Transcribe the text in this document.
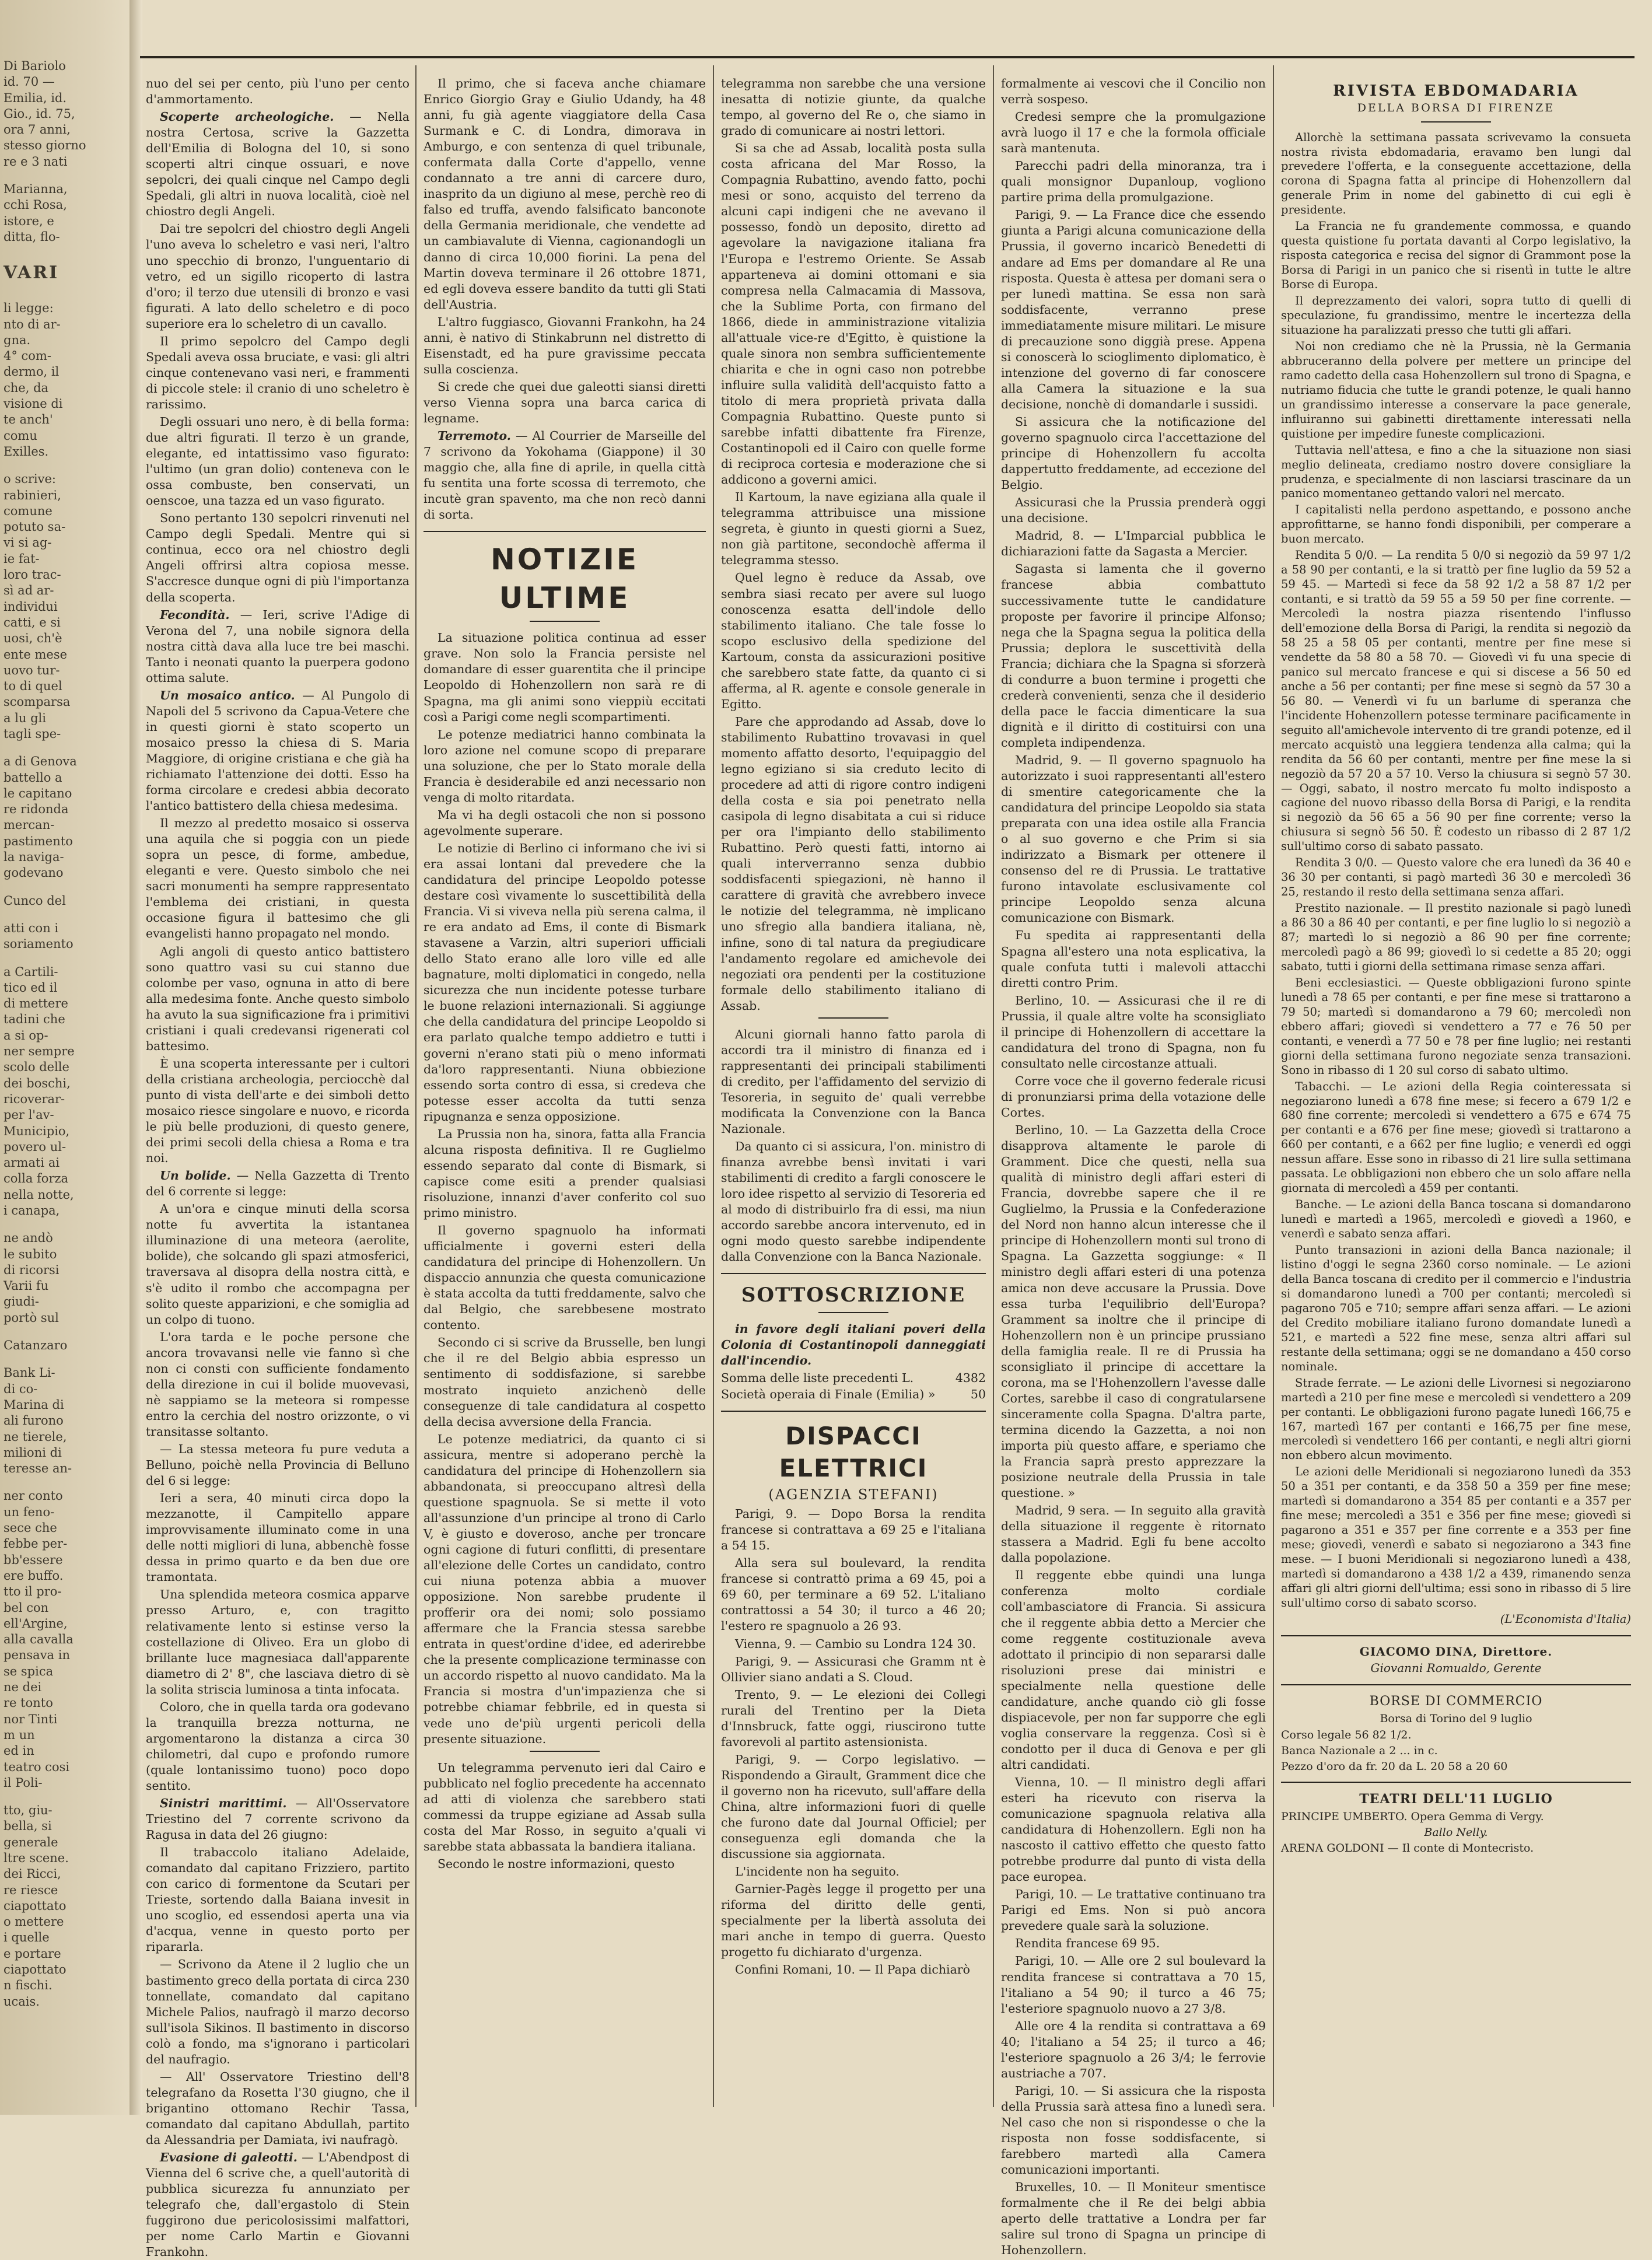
Di Bariolo

id. 70 —

Emilia, id.

Gio., id. 75,

ora 7 anni,

stesso giorno

re e 3 nati

Marianna,

cchi Rosa,

istore, e

ditta, flo-

VARI

li legge:

nto di ar-

gna.

4° com-

dermo, il

che, da

visione di

te anch'

comu

Exilles.

o scrive:

rabinieri,

comune

potuto sa-

vi si ag-

ie fat-

loro trac-

sì ad ar-

individui

catti, e si

uosi, ch'è

ente mese

uovo tur-

to di quel

scomparsa

a lu gli

tagli spe-

a di Genova

battello a

le capitano

re ridonda

mercan-

pastimento

la naviga-

godevano

Cunco del

atti con i

soriamento

a Cartili-

tico ed il

di mettere

tadini che

a si op-

ner sempre

scolo delle

dei boschi,

ricoverar-

per l'av-

Municipio,

povero ul-

armati ai

colla forza

nella notte,

i canapa,

ne andò

le subito

di ricorsi

Varii fu

giudi-

portò sul

Catanzaro

Bank Li-

di co-

Marina di

ali furono

ne tierele,

milioni di

teresse an-

ner conto

un feno-

sece che

febbe per-

bb'essere

ere buffo.

tto il pro-

bel con

ell'Argine,

alla cavalla

pensava in

se spica

ne dei

re tonto

nor Tinti

m un

ed in

teatro cosi

il Poli-

tto, giu-

bella, si

generale

ltre scene.

dei Ricci,

re riesce

ciapottato

o mettere

i quelle

e portare

ciapottato

n fischi.

ucais.

nuo del sei per cento, più l'uno per cento d'ammortamento.

Scoperte archeologiche. — Nella nostra Certosa, scrive la Gazzetta dell'Emilia di Bologna del 10, si sono scoperti altri cinque ossuari, e nove sepolcri, dei quali cinque nel Campo degli Spedali, gli altri in nuova località, cioè nel chiostro degli Angeli.

Dai tre sepolcri del chiostro degli Angeli l'uno aveva lo scheletro e vasi neri, l'altro uno specchio di bronzo, l'unguentario di vetro, ed un sigillo ricoperto di lastra d'oro; il terzo due utensili di bronzo e vasi figurati. A lato dello scheletro e di poco superiore era lo scheletro di un cavallo.

Il primo sepolcro del Campo degli Spedali aveva ossa bruciate, e vasi: gli altri cinque contenevano vasi neri, e frammenti di piccole stele: il cranio di uno scheletro è rarissimo.

Degli ossuari uno nero, è di bella forma: due altri figurati. Il terzo è un grande, elegante, ed intattissimo vaso figurato: l'ultimo (un gran dolio) conteneva con le ossa combuste, ben conservati, un oenscoe, una tazza ed un vaso figurato.

Sono pertanto 130 sepolcri rinvenuti nel Campo degli Spedali. Mentre qui si continua, ecco ora nel chiostro degli Angeli offrirsi altra copiosa messe. S'accresce dunque ogni di più l'importanza della scoperta.

Fecondità. — Ieri, scrive l'Adige di Verona del 7, una nobile signora della nostra città dava alla luce tre bei maschi. Tanto i neonati quanto la puerpera godono ottima salute.

Un mosaico antico. — Al Pungolo di Napoli del 5 scrivono da Capua-Vetere che in questi giorni è stato scoperto un mosaico presso la chiesa di S. Maria Maggiore, di origine cristiana e che già ha richiamato l'attenzione dei dotti. Esso ha forma circolare e credesi abbia decorato l'antico battistero della chiesa medesima.

Il mezzo al predetto mosaico si osserva una aquila che si poggia con un piede sopra un pesce, di forme, ambedue, eleganti e vere. Questo simbolo che nei sacri monumenti ha sempre rappresentato l'emblema dei cristiani, in questa occasione figura il battesimo che gli evangelisti hanno propagato nel mondo.

Agli angoli di questo antico battistero sono quattro vasi su cui stanno due colombe per vaso, ognuna in atto di bere alla medesima fonte. Anche questo simbolo ha avuto la sua significazione fra i primitivi cristiani i quali credevansi rigenerati col battesimo.

È una scoperta interessante per i cultori della cristiana archeologia, perciocchè dal punto di vista dell'arte e dei simboli detto mosaico riesce singolare e nuovo, e ricorda le più belle produzioni, di questo genere, dei primi secoli della chiesa a Roma e tra noi.

Un bolide. — Nella Gazzetta di Trento del 6 corrente si legge:

A un'ora e cinque minuti della scorsa notte fu avvertita la istantanea illuminazione di una meteora (aerolite, bolide), che solcando gli spazi atmosferici, traversava al disopra della nostra città, e s'è udito il rombo che accompagna per solito queste apparizioni, e che somiglia ad un colpo di tuono.

L'ora tarda e le poche persone che ancora trovavansi nelle vie fanno sì che non ci consti con sufficiente fondamento della direzione in cui il bolide muovevasi, nè sappiamo se la meteora si rompesse entro la cerchia del nostro orizzonte, o vi transitasse soltanto.

— La stessa meteora fu pure veduta a Belluno, poichè nella Provincia di Belluno del 6 si legge:

Ieri a sera, 40 minuti circa dopo la mezzanotte, il Campitello appare improvvisamente illuminato come in una delle notti migliori di luna, abbenchè fosse dessa in primo quarto e da ben due ore tramontata.

Una splendida meteora cosmica apparve presso Arturo, e, con tragitto relativamente lento si estinse verso la costellazione di Oliveo. Era un globo di brillante luce magnesiaca dall'apparente diametro di 2' 8", che lasciava dietro di sè la solita striscia luminosa a tinta infocata.

Coloro, che in quella tarda ora godevano la tranquilla brezza notturna, ne argomentarono la distanza a circa 30 chilometri, dal cupo e profondo rumore (quale lontanissimo tuono) poco dopo sentito.

Sinistri marittimi. — All'Osservatore Triestino del 7 corrente scrivono da Ragusa in data del 26 giugno:

Il trabaccolo italiano Adelaide, comandato dal capitano Frizziero, partito con carico di formentone da Scutari per Trieste, sortendo dalla Baiana invesit in uno scoglio, ed essendosi aperta una via d'acqua, venne in questo porto per ripararla.

— Scrivono da Atene il 2 luglio che un bastimento greco della portata di circa 230 tonnellate, comandato dal capitano Michele Palios, naufragò il marzo decorso sull'isola Sikinos. Il bastimento in discorso colò a fondo, ma s'ignorano i particolari del naufragio.

— All' Osservatore Triestino dell'8 telegrafano da Rosetta l'30 giugno, che il brigantino ottomano Rechir Tassa, comandato dal capitano Abdullah, partito da Alessandria per Damiata, ivi naufragò.

Evasione di galeotti. — L'Abendpost di Vienna del 6 scrive che, a quell'autorità di pubblica sicurezza fu annunziato per telegrafo che, dall'ergastolo di Stein fuggirono due pericolosissimi malfattori, per nome Carlo Martin e Giovanni Frankohn.

Il primo, che si faceva anche chiamare Enrico Giorgio Gray e Giulio Udandy, ha 48 anni, fu già agente viaggiatore della Casa Surmank e C. di Londra, dimorava in Amburgo, e con sentenza di quel tribunale, confermata dalla Corte d'appello, venne condannato a tre anni di carcere duro, inasprito da un digiuno al mese, perchè reo di falso ed truffa, avendo falsificato banconote della Germania meridionale, che vendette ad un cambiavalute di Vienna, cagionandogli un danno di circa 10,000 fiorini. La pena del Martin doveva terminare il 26 ottobre 1871, ed egli doveva essere bandito da tutti gli Stati dell'Austria.

L'altro fuggiasco, Giovanni Frankohn, ha 24 anni, è nativo di Stinkabrunn nel distretto di Eisenstadt, ed ha pure gravissime peccata sulla coscienza.

Si crede che quei due galeotti siansi diretti verso Vienna sopra una barca carica di legname.

Terremoto. — Al Courrier de Marseille del 7 scrivono da Yokohama (Giappone) il 30 maggio che, alla fine di aprile, in quella città fu sentita una forte scossa di terremoto, che incutè gran spavento, ma che non recò danni di sorta.

NOTIZIE ULTIME

La situazione politica continua ad esser grave. Non solo la Francia persiste nel domandare di esser guarentita che il principe Leopoldo di Hohenzollern non sarà re di Spagna, ma gli animi sono vieppiù eccitati così a Parigi come negli scompartimenti.

Le potenze mediatrici hanno combinata la loro azione nel comune scopo di preparare una soluzione, che per lo Stato morale della Francia è desiderabile ed anzi necessario non venga di molto ritardata.

Ma vi ha degli ostacoli che non si possono agevolmente superare.

Le notizie di Berlino ci informano che ivi si era assai lontani dal prevedere che la candidatura del principe Leopoldo potesse destare così vivamente lo suscettibilità della Francia. Vi si viveva nella più serena calma, il re era andato ad Ems, il conte di Bismark stavasene a Varzin, altri superiori ufficiali dello Stato erano alle loro ville ed alle bagnature, molti diplomatici in congedo, nella sicurezza che nun incidente potesse turbare le buone relazioni internazionali. Si aggiunge che della candidatura del principe Leopoldo si era parlato qualche tempo addietro e tutti i governi n'erano stati più o meno informati da'loro rappresentanti. Niuna obbiezione essendo sorta contro di essa, si credeva che potesse esser accolta da tutti senza ripugnanza e senza opposizione.

La Prussia non ha, sinora, fatta alla Francia alcuna risposta definitiva. Il re Guglielmo essendo separato dal conte di Bismark, si capisce come esiti a prender qualsiasi risoluzione, innanzi d'aver conferito col suo primo ministro.

Il governo spagnuolo ha informati ufficialmente i governi esteri della candidatura del principe di Hohenzollern. Un dispaccio annunzia che questa comunicazione è stata accolta da tutti freddamente, salvo che dal Belgio, che sarebbesene mostrato contento.

Secondo ci si scrive da Brusselle, ben lungi che il re del Belgio abbia espresso un sentimento di soddisfazione, si sarebbe mostrato inquieto anzichenò delle conseguenze di tale candidatura al cospetto della decisa avversione della Francia.

Le potenze mediatrici, da quanto ci si assicura, mentre si adoperano perchè la candidatura del principe di Hohenzollern sia abbandonata, si preoccupano altresì della questione spagnuola. Se si mette il voto all'assunzione d'un principe al trono di Carlo V, è giusto e doveroso, anche per troncare ogni cagione di futuri conflitti, di presentare all'elezione delle Cortes un candidato, contro cui niuna potenza abbia a muover opposizione. Non sarebbe prudente il profferir ora dei nomi; solo possiamo affermare che la Francia stessa sarebbe entrata in quest'ordine d'idee, ed aderirebbe che la presente complicazione terminasse con un accordo rispetto al nuovo candidato. Ma la Francia si mostra d'un'impazienza che si potrebbe chiamar febbrile, ed in questa si vede uno de'più urgenti pericoli della presente situazione.

Un telegramma pervenuto ieri dal Cairo e pubblicato nel foglio precedente ha accennato ad atti di violenza che sarebbero stati commessi da truppe egiziane ad Assab sulla costa del Mar Rosso, in seguito a'quali vi sarebbe stata abbassata la bandiera italiana.

Secondo le nostre informazioni, questo

telegramma non sarebbe che una versione inesatta di notizie giunte, da qualche tempo, al governo del Re o, che siamo in grado di comunicare ai nostri lettori.

Si sa che ad Assab, località posta sulla costa africana del Mar Rosso, la Compagnia Rubattino, avendo fatto, pochi mesi or sono, acquisto del terreno da alcuni capi indigeni che ne avevano il possesso, fondò un deposito, diretto ad agevolare la navigazione italiana fra l'Europa e l'estremo Oriente. Se Assab apparteneva ai domini ottomani e sia compresa nella Calmacamia di Massova, che la Sublime Porta, con firmano del 1866, diede in amministrazione vitalizia all'attuale vice-re d'Egitto, è quistione la quale sinora non sembra sufficientemente chiarita e che in ogni caso non potrebbe influire sulla validità dell'acquisto fatto a titolo di mera proprietà privata dalla Compagnia Rubattino. Queste punto si sarebbe infatti dibattente fra Firenze, Costantinopoli ed il Cairo con quelle forme di reciproca cortesia e moderazione che si addicono a governi amici.

Il Kartoum, la nave egiziana alla quale il telegramma attribuisce una missione segreta, è giunto in questi giorni a Suez, non già partitone, secondochè afferma il telegramma stesso.

Quel legno è reduce da Assab, ove sembra siasi recato per avere sul luogo conoscenza esatta dell'indole dello stabilimento italiano. Che tale fosse lo scopo esclusivo della spedizione del Kartoum, consta da assicurazioni positive che sarebbero state fatte, da quanto ci si afferma, al R. agente e console generale in Egitto.

Pare che approdando ad Assab, dove lo stabilimento Rubattino trovavasi in quel momento affatto desorto, l'equipaggio del legno egiziano si sia creduto lecito di procedere ad atti di rigore contro indigeni della costa e sia poi penetrato nella casipola di legno disabitata a cui si riduce per ora l'impianto dello stabilimento Rubattino. Però questi fatti, intorno ai quali interverranno senza dubbio soddisfacenti spiegazioni, nè hanno il carattere di gravità che avrebbero invece le notizie del telegramma, nè implicano uno sfregio alla bandiera italiana, nè, infine, sono di tal natura da pregiudicare l'andamento regolare ed amichevole dei negoziati ora pendenti per la costituzione formale dello stabilimento italiano di Assab.

Alcuni giornali hanno fatto parola di accordi tra il ministro di finanza ed i rappresentanti dei principali stabilimenti di credito, per l'affidamento del servizio di Tesoreria, in seguito de' quali verrebbe modificata la Convenzione con la Banca Nazionale.

Da quanto ci si assicura, l'on. ministro di finanza avrebbe bensì invitati i vari stabilimenti di credito a fargli conoscere le loro idee rispetto al servizio di Tesoreria ed al modo di distribuirlo fra di essi, ma niun accordo sarebbe ancora intervenuto, ed in ogni modo questo sarebbe indipendente dalla Convenzione con la Banca Nazionale.

SOTTOSCRIZIONE

in favore degli italiani poveri della Colonia di Costantinopoli danneggiati dall'incendio.

Somma delle liste precedenti L.	4382
Società operaia di Finale (Emilia) »	50

DISPACCI ELETTRICI

(AGENZIA STEFANI)

Parigi, 9. — Dopo Borsa la rendita francese si contrattava a 69 25 e l'italiana a 54 15.

Alla sera sul boulevard, la rendita francese si contrattò prima a 69 45, poi a 69 60, per terminare a 69 52. L'italiano contrattossi a 54 30; il turco a 46 20; l'estero re spagnuolo a 26 93.

Vienna, 9. — Cambio su Londra 124 30.

Parigi, 9. — Assicurasi che Gramm nt è Ollivier siano andati a S. Cloud.

Trento, 9. — Le elezioni dei Collegi rurali del Trentino per la Dieta d'Innsbruck, fatte oggi, riuscirono tutte favorevoli al partito astensionista.

Parigi, 9. — Corpo legislativo. — Rispondendo a Girault, Gramment dice che il governo non ha ricevuto, sull'affare della China, altre informazioni fuori di quelle che furono date dal Journal Officiel; per conseguenza egli domanda che la discussione sia aggiornata.

L'incidente non ha seguito.

Garnier-Pagès legge il progetto per una riforma del diritto delle genti, specialmente per la libertà assoluta dei mari anche in tempo di guerra. Questo progetto fu dichiarato d'urgenza.

Confini Romani, 10. — Il Papa dichiarò

formalmente ai vescovi che il Concilio non verrà sospeso.

Credesi sempre che la promulgazione avrà luogo il 17 e che la formola officiale sarà mantenuta.

Parecchi padri della minoranza, tra i quali monsignor Dupanloup, vogliono partire prima della promulgazione.

Parigi, 9. — La France dice che essendo giunta a Parigi alcuna comunicazione della Prussia, il governo incaricò Benedetti di andare ad Ems per domandare al Re una risposta. Questa è attesa per domani sera o per lunedì mattina. Se essa non sarà soddisfacente, verranno prese immediatamente misure militari. Le misure di precauzione sono diggià prese. Appena si conoscerà lo scioglimento diplomatico, è intenzione del governo di far conoscere alla Camera la situazione e la sua decisione, nonchè di domandarle i sussidi.

Si assicura che la notificazione del governo spagnuolo circa l'accettazione del principe di Hohenzollern fu accolta dappertutto freddamente, ad eccezione del Belgio.

Assicurasi che la Prussia prenderà oggi una decisione.

Madrid, 8. — L'Imparcial pubblica le dichiarazioni fatte da Sagasta a Mercier.

Sagasta si lamenta che il governo francese abbia combattuto successivamente tutte le candidature proposte per favorire il principe Alfonso; nega che la Spagna segua la politica della Prussia; deplora le suscettività della Francia; dichiara che la Spagna si sforzerà di condurre a buon termine i progetti che crederà convenienti, senza che il desiderio della pace le faccia dimenticare la sua dignità e il diritto di costituirsi con una completa indipendenza.

Madrid, 9. — Il governo spagnuolo ha autorizzato i suoi rappresentanti all'estero di smentire categoricamente che la candidatura del principe Leopoldo sia stata preparata con una idea ostile alla Francia o al suo governo e che Prim si sia indirizzato a Bismark per ottenere il consenso del re di Prussia. Le trattative furono intavolate esclusivamente col principe Leopoldo senza alcuna comunicazione con Bismark.

Fu spedita ai rappresentanti della Spagna all'estero una nota esplicativa, la quale confuta tutti i malevoli attacchi diretti contro Prim.

Berlino, 10. — Assicurasi che il re di Prussia, il quale altre volte ha sconsigliato il principe di Hohenzollern di accettare la candidatura del trono di Spagna, non fu consultato nelle circostanze attuali.

Corre voce che il governo federale ricusi di pronunziarsi prima della votazione delle Cortes.

Berlino, 10. — La Gazzetta della Croce disapprova altamente le parole di Gramment. Dice che questi, nella sua qualità di ministro degli affari esteri di Francia, dovrebbe sapere che il re Guglielmo, la Prussia e la Confederazione del Nord non hanno alcun interesse che il principe di Hohenzollern monti sul trono di Spagna. La Gazzetta soggiunge: « Il ministro degli affari esteri di una potenza amica non deve accusare la Prussia. Dove essa turba l'equilibrio dell'Europa? Gramment sa inoltre che il principe di Hohenzollern non è un principe prussiano della famiglia reale. Il re di Prussia ha sconsigliato il principe di accettare la corona, ma se l'Hohenzollern l'avesse dalle Cortes, sarebbe il caso di congratularsene sinceramente colla Spagna. D'altra parte, termina dicendo la Gazzetta, a noi non importa più questo affare, e speriamo che la Francia saprà presto apprezzare la posizione neutrale della Prussia in tale questione. »

Madrid, 9 sera. — In seguito alla gravità della situazione il reggente è ritornato stassera a Madrid. Egli fu bene accolto dalla popolazione.

Il reggente ebbe quindi una lunga conferenza molto cordiale coll'ambasciatore di Francia. Si assicura che il reggente abbia detto a Mercier che come reggente costituzionale aveva adottato il principio di non separarsi dalle risoluzioni prese dai ministri e specialmente nella questione delle candidature, anche quando ciò gli fosse dispiacevole, per non far supporre che egli voglia conservare la reggenza. Così si è condotto per il duca di Genova e per gli altri candidati.

Vienna, 10. — Il ministro degli affari esteri ha ricevuto con riserva la comunicazione spagnuola relativa alla candidatura di Hohenzollern. Egli non ha nascosto il cattivo effetto che questo fatto potrebbe produrre dal punto di vista della pace europea.

Parigi, 10. — Le trattative continuano tra Parigi ed Ems. Non si può ancora prevedere quale sarà la soluzione.

Rendita francese 69 95.

Parigi, 10. — Alle ore 2 sul boulevard la rendita francese si contrattava a 70 15, l'italiano a 54 90; il turco a 46 75; l'esteriore spagnuolo nuovo a 27 3/8.

Alle ore 4 la rendita si contrattava a 69 40; l'italiano a 54 25; il turco a 46; l'esteriore spagnuolo a 26 3/4; le ferrovie austriache a 707.

Parigi, 10. — Si assicura che la risposta della Prussia sarà attesa fino a lunedì sera. Nel caso che non si rispondesse o che la risposta non fosse soddisfacente, si farebbero martedì alla Camera comunicazioni importanti.

Bruxelles, 10. — Il Moniteur smentisce formalmente che il Re dei belgi abbia aperto delle trattative a Londra per far salire sul trono di Spagna un principe di Hohenzollern.

RIVISTA EBDOMADARIA
DELLA BORSA DI FIRENZE

Allorchè la settimana passata scrivevamo la consueta nostra rivista ebdomadaria, eravamo ben lungi dal prevedere l'offerta, e la conseguente accettazione, della corona di Spagna fatta al principe di Hohenzollern dal generale Prim in nome del gabinetto di cui egli è presidente.

La Francia ne fu grandemente commossa, e quando questa quistione fu portata davanti al Corpo legislativo, la risposta categorica e recisa del signor di Grammont pose la Borsa di Parigi in un panico che si risentì in tutte le altre Borse di Europa.

Il deprezzamento dei valori, sopra tutto di quelli di speculazione, fu grandissimo, mentre le incertezza della situazione ha paralizzati presso che tutti gli affari.

Noi non crediamo che nè la Prussia, nè la Germania abbruceranno della polvere per mettere un principe del ramo cadetto della casa Hohenzollern sul trono di Spagna, e nutriamo fiducia che tutte le grandi potenze, le quali hanno un grandissimo interesse a conservare la pace generale, influiranno sui gabinetti direttamente interessati nella quistione per impedire funeste complicazioni.

Tuttavia nell'attesa, e fino a che la situazione non siasi meglio delineata, crediamo nostro dovere consigliare la prudenza, e specialmente di non lasciarsi trascinare da un panico momentaneo gettando valori nel mercato.

I capitalisti nella perdono aspettando, e possono anche approfittarne, se hanno fondi disponibili, per comperare a buon mercato.

Rendita 5 0/0. — La rendita 5 0/0 si negoziò da 59 97 1/2 a 58 90 per contanti, e la si trattò per fine luglio da 59 52 a 59 45. — Martedì si fece da 58 92 1/2 a 58 87 1/2 per contanti, e si trattò da 59 55 a 59 50 per fine corrente. — Mercoledì la nostra piazza risentendo l'influsso dell'emozione della Borsa di Parigi, la rendita si negoziò da 58 25 a 58 05 per contanti, mentre per fine mese si vendette da 58 80 a 58 70. — Giovedì vi fu una specie di panico sul mercato francese e qui si discese a 56 50 ed anche a 56 per contanti; per fine mese si segnò da 57 30 a 56 80. — Venerdì vi fu un barlume di speranza che l'incidente Hohenzollern potesse terminare pacificamente in seguito all'amichevole intervento di tre grandi potenze, ed il mercato acquistò una leggiera tendenza alla calma; qui la rendita da 56 60 per contanti, mentre per fine mese la si negoziò da 57 20 a 57 10. Verso la chiusura si segnò 57 30. — Oggi, sabato, il nostro mercato fu molto indisposto a cagione del nuovo ribasso della Borsa di Parigi, e la rendita si negoziò da 56 65 a 56 90 per fine corrente; verso la chiusura si segnò 56 50. È codesto un ribasso di 2 87 1/2 sull'ultimo corso di sabato passato.

Rendita 3 0/0. — Questo valore che era lunedì da 36 40 e 36 30 per contanti, si pagò martedì 36 30 e mercoledì 36 25, restando il resto della settimana senza affari.

Prestito nazionale. — Il prestito nazionale si pagò lunedì a 86 30 a 86 40 per contanti, e per fine luglio lo si negoziò a 87; martedì lo si negoziò a 86 90 per fine corrente; mercoledì pagò a 86 99; giovedì lo si cedette a 85 20; oggi sabato, tutti i giorni della settimana rimase senza affari.

Beni ecclesiastici. — Queste obbligazioni furono spinte lunedì a 78 65 per contanti, e per fine mese si trattarono a 79 50; martedì si domandarono a 79 60; mercoledì non ebbero affari; giovedì si vendettero a 77 e 76 50 per contanti, e venerdì a 77 50 e 78 per fine luglio; nei restanti giorni della settimana furono negoziate senza transazioni. Sono in ribasso di 1 20 sul corso di sabato ultimo.

Tabacchi. — Le azioni della Regia cointeressata si negoziarono lunedì a 678 fine mese; si fecero a 679 1/2 e 680 fine corrente; mercoledì si vendettero a 675 e 674 75 per contanti e a 676 per fine mese; giovedì si trattarono a 660 per contanti, e a 662 per fine luglio; e venerdì ed oggi nessun affare. Esse sono in ribasso di 21 lire sulla settimana passata. Le obbligazioni non ebbero che un solo affare nella giornata di mercoledì a 459 per contanti.

Banche. — Le azioni della Banca toscana si domandarono lunedì e martedì a 1965, mercoledì e giovedì a 1960, e venerdì e sabato senza affari.

Punto transazioni in azioni della Banca nazionale; il listino d'oggi le segna 2360 corso nominale. — Le azioni della Banca toscana di credito per il commercio e l'industria si domandarono lunedì a 700 per contanti; mercoledì si pagarono 705 e 710; sempre affari senza affari. — Le azioni del Credito mobiliare italiano furono domandate lunedì a 521, e martedì a 522 fine mese, senza altri affari sul restante della settimana; oggi se ne domandano a 450 corso nominale.

Strade ferrate. — Le azioni delle Livornesi si negoziarono martedì a 210 per fine mese e mercoledì si vendettero a 209 per contanti. Le obbligazioni furono pagate lunedì 166,75 e 167, martedì 167 per contanti e 166,75 per fine mese, mercoledì si vendettero 166 per contanti, e negli altri giorni non ebbero alcun movimento.

Le azioni delle Meridionali si negoziarono lunedì da 353 50 a 351 per contanti, e da 358 50 a 359 per fine mese; martedì si domandarono a 354 85 per contanti e a 357 per fine mese; mercoledì a 351 e 356 per fine mese; giovedì si pagarono a 351 e 357 per fine corrente e a 353 per fine mese; giovedì, venerdì e sabato si negoziarono a 343 fine mese. — I buoni Meridionali si negoziarono lunedì a 438, martedì si domandarono a 438 1/2 a 439, rimanendo senza affari gli altri giorni dell'ultima; essi sono in ribasso di 5 lire sull'ultimo corso di sabato scorso.

(L'Economista d'Italia)

GIACOMO DINA, Direttore.

Giovanni Romualdo, Gerente

BORSE DI COMMERCIO

Borsa di Torino del 9 luglio

Corso legale 56 82 1/2.

Banca Nazionale a 2 ... in c.

Pezzo d'oro da fr. 20 da L. 20 58 a 20 60

TEATRI DELL'11 LUGLIO

PRINCIPE UMBERTO. Opera Gemma di Vergy.

Ballo Nelly.

ARENA GOLDONI — Il conte di Montecristo.
